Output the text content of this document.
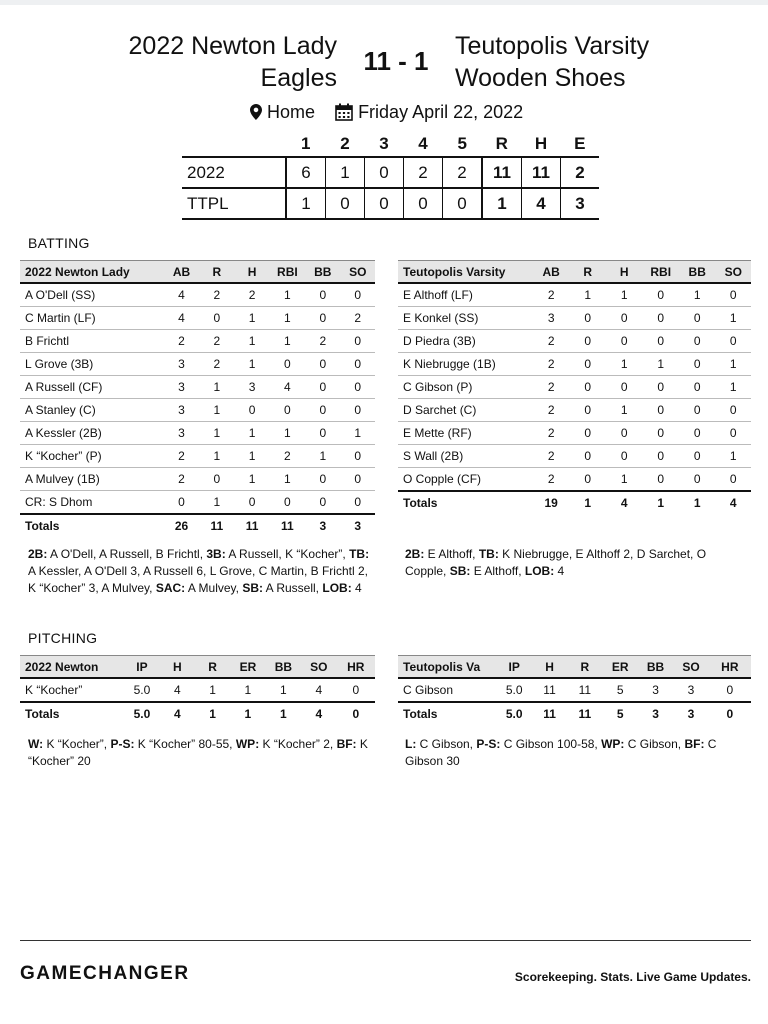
2022 Newton Lady
Eagles
11 - 1	Teutopolis Varsity
Wooden Shoes
Home Friday April 22, 2022
	1	2	3	4	5	R	H	E
2022	6	1	0	2	2	11	11	2
TTPL	1	0	0	0	0	1	4	3
BATTING
2022 Newton Lady	AB	R	H	RBI	BB	SO
A O'Dell (SS)	4	2	2	1	0	0
C Martin (LF)	4	0	1	1	0	2
B Frichtl	2	2	1	1	2	0
L Grove (3B)	3	2	1	0	0	0
A Russell (CF)	3	1	3	4	0	0
A Stanley (C)	3	1	0	0	0	0
A Kessler (2B)	3	1	1	1	0	1
K “Kocher” (P)	2	1	1	2	1	0
A Mulvey (1B)	2	0	1	1	0	0
CR: S Dhom	0	1	0	0	0	0
Totals	26	11	11	11	3	3
Teutopolis Varsity	AB	R	H	RBI	BB	SO
E Althoff (LF)	2	1	1	0	1	0
E Konkel (SS)	3	0	0	0	0	1
D Piedra (3B)	2	0	0	0	0	0
K Niebrugge (1B)	2	0	1	1	0	1
C Gibson (P)	2	0	0	0	0	1
D Sarchet (C)	2	0	1	0	0	0
E Mette (RF)	2	0	0	0	0	0
S Wall (2B)	2	0	0	0	0	1
O Copple (CF)	2	0	1	0	0	0
Totals	19	1	4	1	1	4
2B: A O'Dell, A Russell, B Frichtl, 3B: A Russell, K “Kocher”, TB: A Kessler, A O'Dell 3, A Russell 6, L Grove, C Martin, B Frichtl 2, K “Kocher” 3, A Mulvey, SAC: A Mulvey, SB: A Russell, LOB: 4
2B: E Althoff, TB: K Niebrugge, E Althoff 2, D Sarchet, O Copple, SB: E Althoff, LOB: 4
PITCHING
2022 Newton	IP	H	R	ER	BB	SO	HR
K “Kocher”	5.0	4	1	1	1	4	0
Totals	5.0	4	1	1	1	4	0
Teutopolis Va	IP	H	R	ER	BB	SO	HR
C Gibson	5.0	11	11	5	3	3	0
Totals	5.0	11	11	5	3	3	0
W: K “Kocher”, P-S: K “Kocher” 80-55, WP: K “Kocher” 2, BF: K “Kocher” 20
L: C Gibson, P-S: C Gibson 100-58, WP: C Gibson, BF: C Gibson 30
GAMECHANGER	Scorekeeping. Stats. Live Game Updates.
